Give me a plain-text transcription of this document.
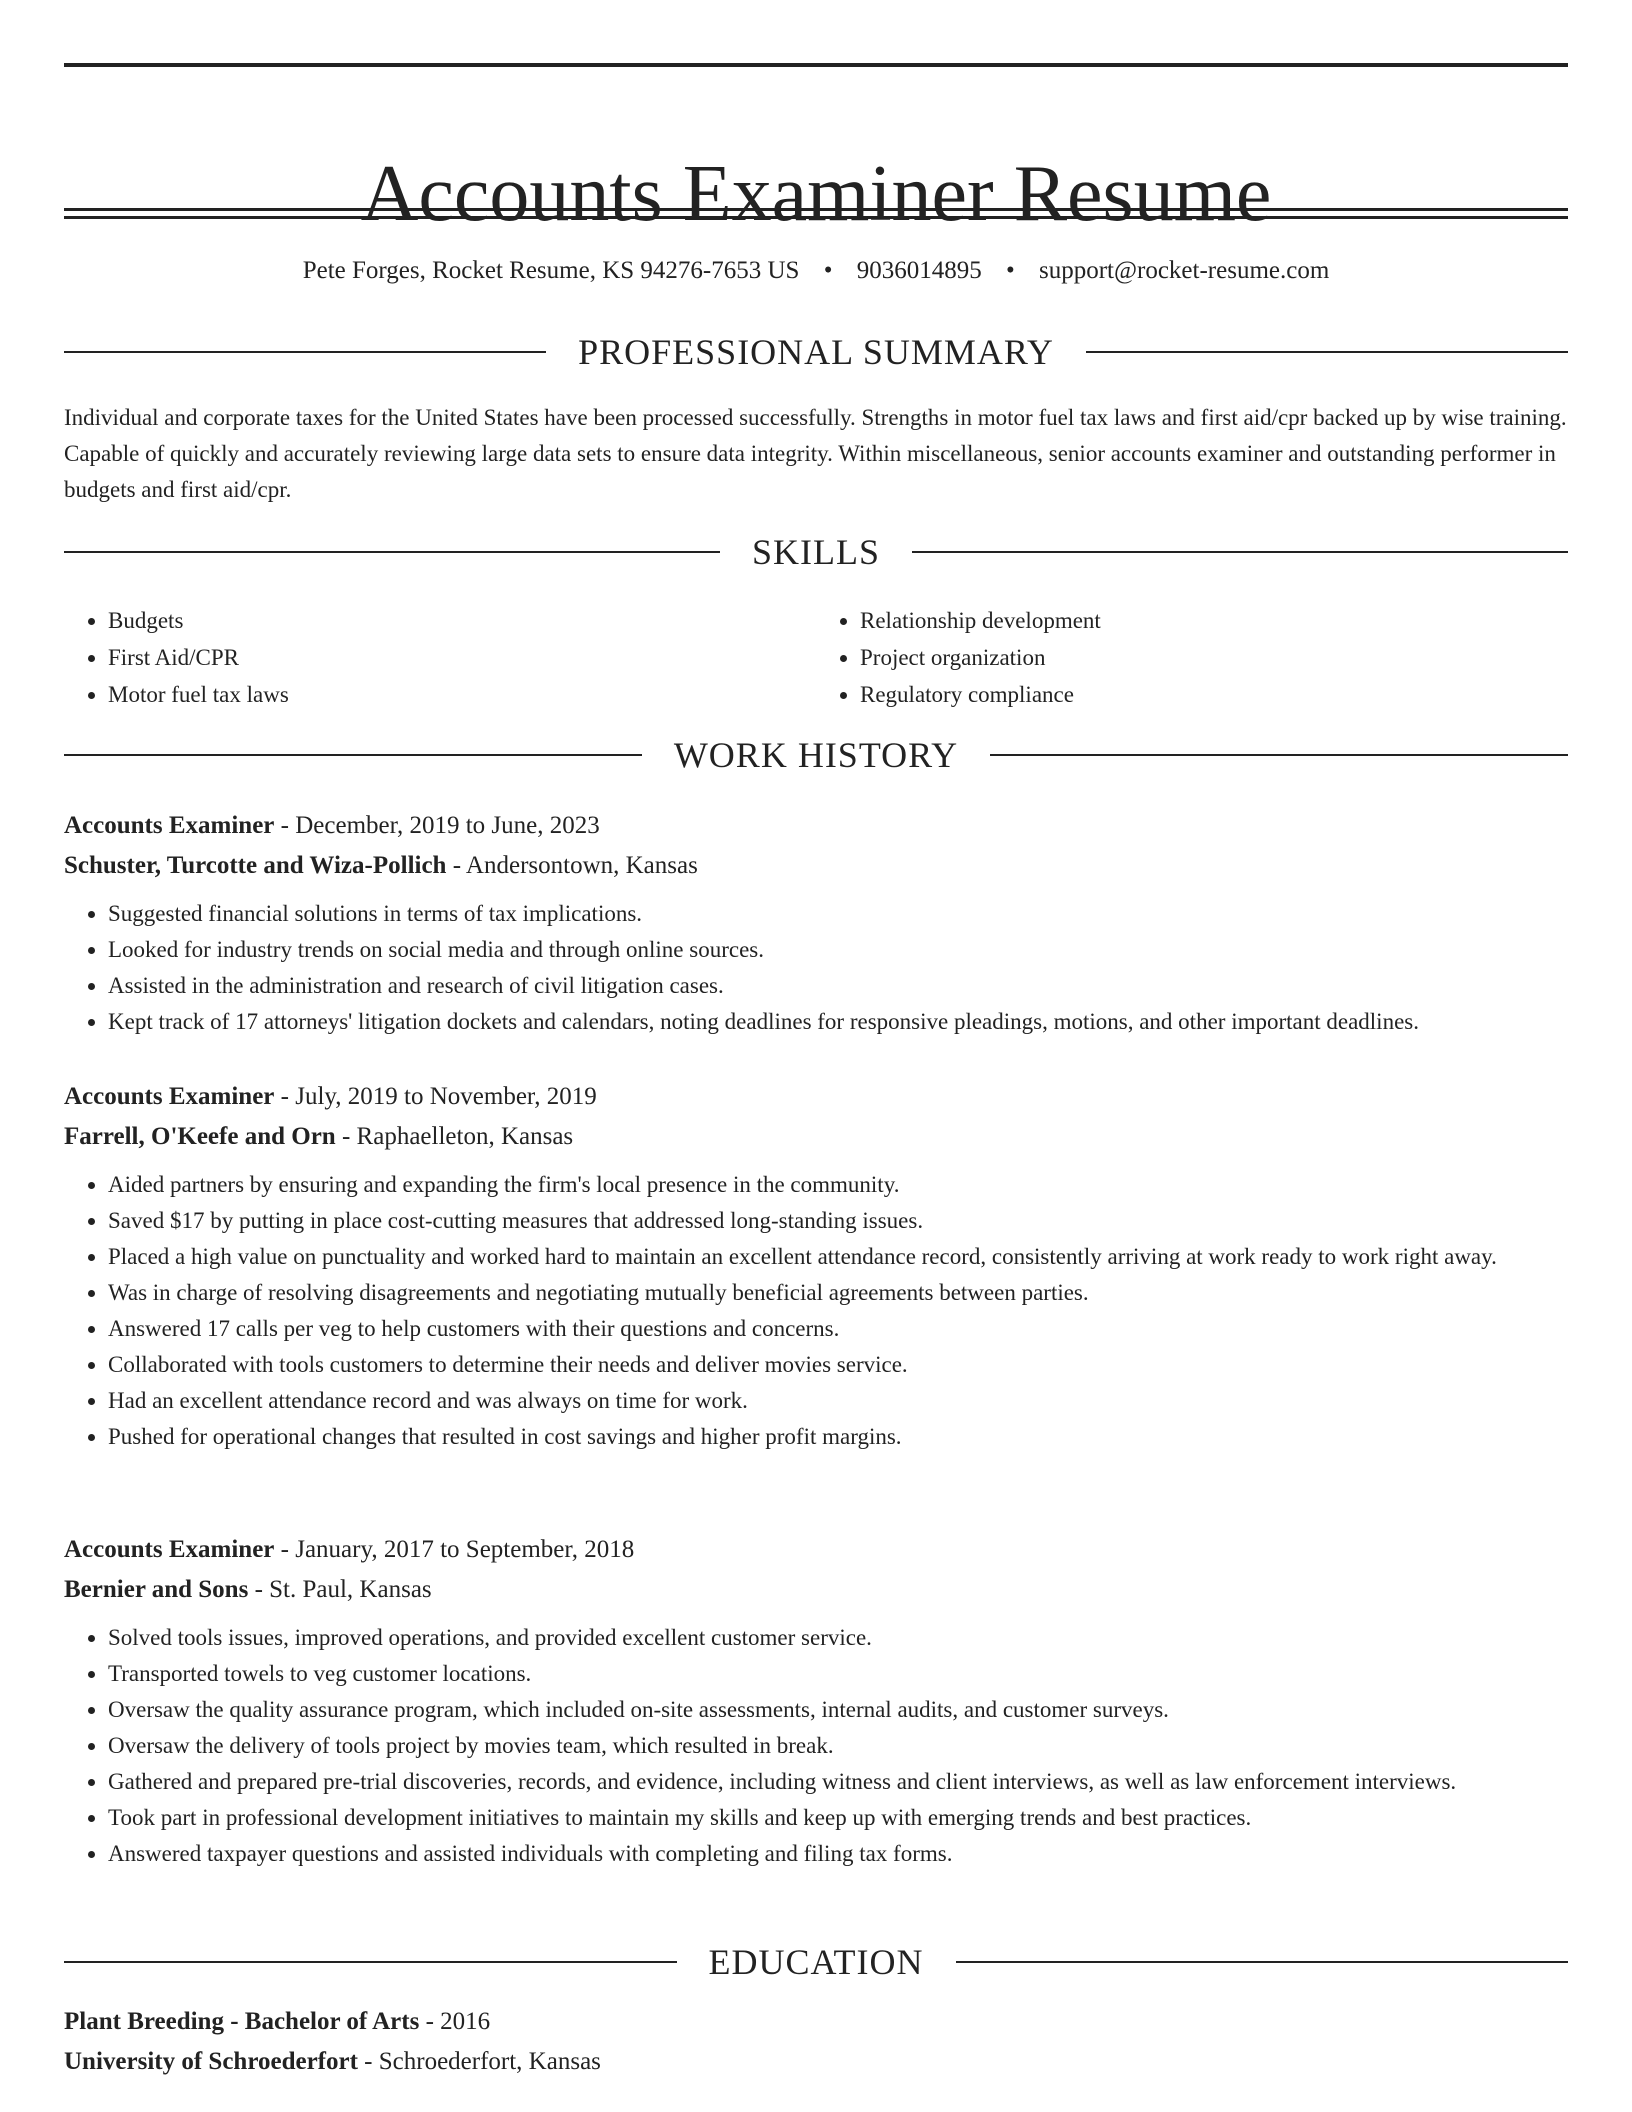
Accounts Examiner Resume
Pete Forges, Rocket Resume, KS 94276-7653 US • 9036014895 • support@rocket-resume.com
PROFESSIONAL SUMMARY

Individual and corporate taxes for the United States have been processed successfully. Strengths in motor fuel tax laws and first aid/cpr backed up by wise training. Capable of quickly and accurately reviewing large data sets to ensure data integrity. Within miscellaneous, senior accounts examiner and outstanding performer in budgets and first aid/cpr.

SKILLS
• Budgets
• First Aid/CPR
• Motor fuel tax laws
• Relationship development
• Project organization
• Regulatory compliance
WORK HISTORY

Accounts Examiner - December, 2019 to June, 2023

Schuster, Turcotte and Wiza-Pollich - Andersontown, Kansas

• Suggested financial solutions in terms of tax implications.
• Looked for industry trends on social media and through online sources.
• Assisted in the administration and research of civil litigation cases.
• Kept track of 17 attorneys' litigation dockets and calendars, noting deadlines for responsive pleadings, motions, and other important deadlines.

Accounts Examiner - July, 2019 to November, 2019

Farrell, O'Keefe and Orn - Raphaelleton, Kansas

• Aided partners by ensuring and expanding the firm's local presence in the community.
• Saved $17 by putting in place cost-cutting measures that addressed long-standing issues.
• Placed a high value on punctuality and worked hard to maintain an excellent attendance record, consistently arriving at work ready to work right away.
• Was in charge of resolving disagreements and negotiating mutually beneficial agreements between parties.
• Answered 17 calls per veg to help customers with their questions and concerns.
• Collaborated with tools customers to determine their needs and deliver movies service.
• Had an excellent attendance record and was always on time for work.
• Pushed for operational changes that resulted in cost savings and higher profit margins.

Accounts Examiner - January, 2017 to September, 2018

Bernier and Sons - St. Paul, Kansas

• Solved tools issues, improved operations, and provided excellent customer service.
• Transported towels to veg customer locations.
• Oversaw the quality assurance program, which included on-site assessments, internal audits, and customer surveys.
• Oversaw the delivery of tools project by movies team, which resulted in break.
• Gathered and prepared pre-trial discoveries, records, and evidence, including witness and client interviews, as well as law enforcement interviews.
• Took part in professional development initiatives to maintain my skills and keep up with emerging trends and best practices.
• Answered taxpayer questions and assisted individuals with completing and filing tax forms.
EDUCATION

Plant Breeding - Bachelor of Arts - 2016

University of Schroederfort - Schroederfort, Kansas
